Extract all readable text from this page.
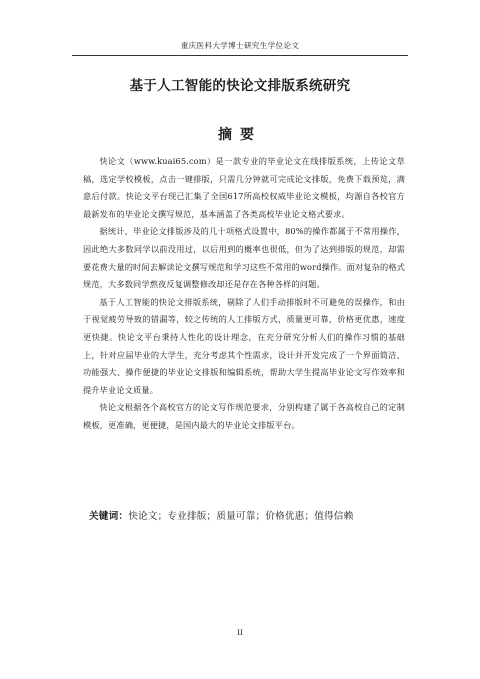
重庆医科大学博士研究生学位论文
基于人工智能的快论文排版系统研究
摘要

快论文（www.kuai65.com）是一款专业的毕业论文在线排版系统，上传论文草稿，选定学校模板，点击一键排版，只需几分钟就可完成论文排版，免费下载预览，满意后付款。快论文平台现已汇集了全国617所高校权威毕业论文模板，均源自各校官方最新发布的毕业论文撰写规范，基本涵盖了各类高校毕业论文格式要求。

据统计，毕业论文排版涉及的几十项格式设置中，80%的操作都属于不常用操作，因此绝大多数同学以前没用过，以后用到的概率也很低，但为了达到排版的规范，却需要花费大量的时间去解读论文撰写规范和学习这些不常用的word操作。面对复杂的格式规范，大多数同学熬夜反复调整修改却还是存在各种各样的问题。

基于人工智能的快论文排版系统，剔除了人们手动排版时不可避免的误操作，和由于视觉疲劳导致的错漏等，较之传统的人工排版方式，质量更可靠，价格更优惠，速度更快捷。快论文平台秉持人性化的设计理念，在充分研究分析人们的操作习惯的基础上，针对应届毕业的大学生，充分考虑其个性需求，设计并开发完成了一个界面简洁、功能强大、操作便捷的毕业论文排版和编辑系统，帮助大学生提高毕业论文写作效率和提升毕业论文质量。

快论文根据各个高校官方的论文写作规范要求，分别构建了属于各高校自己的定制模板，更准确，更便捷，是国内最大的毕业论文排版平台。

关键词：快论文；专业排版；质量可靠；价格优惠；值得信赖
II
